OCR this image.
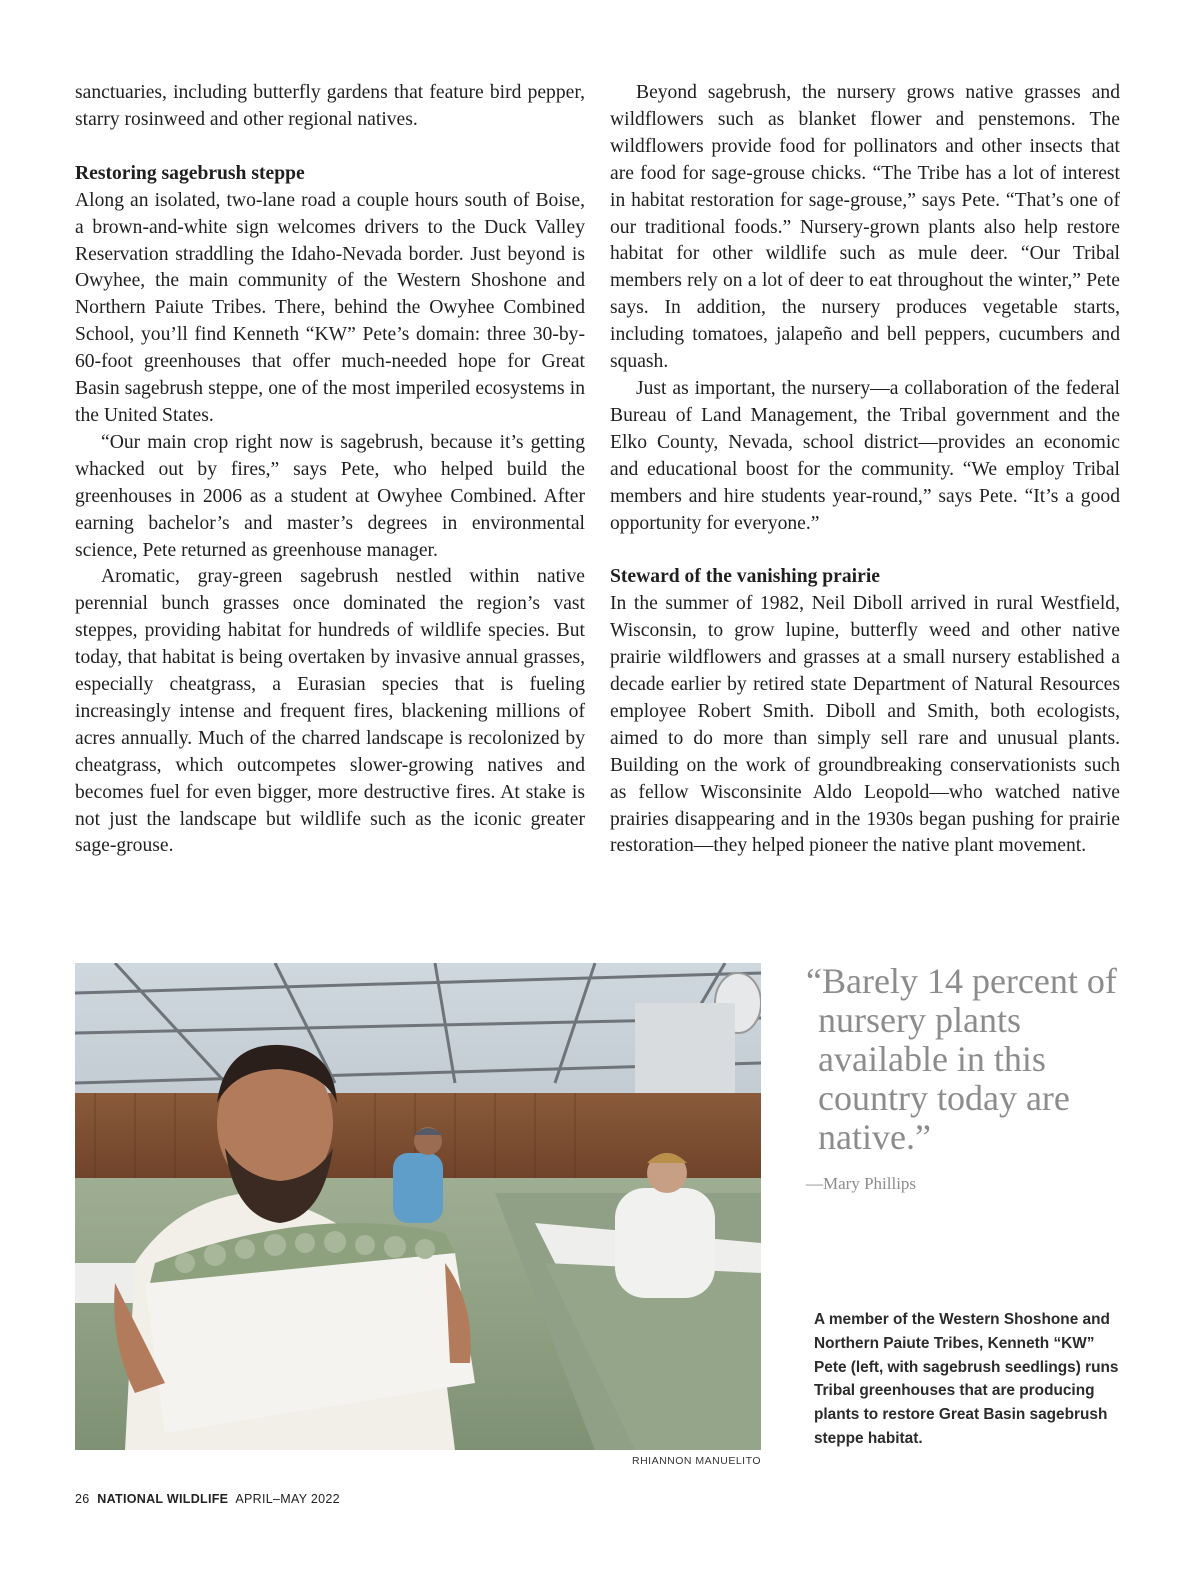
sanctuaries, including butterfly gardens that feature bird pepper, starry rosinweed and other regional natives.

Restoring sagebrush steppe

Along an isolated, two-lane road a couple hours south of Boise, a brown-and-white sign welcomes drivers to the Duck Valley Reservation straddling the Idaho-Nevada border. Just beyond is Owyhee, the main community of the Western Shoshone and Northern Paiute Tribes. There, behind the Owyhee Combined School, you’ll find Kenneth “KW” Pete’s domain: three 30-by-60-foot greenhouses that offer much-needed hope for Great Basin sagebrush steppe, one of the most imperiled ecosystems in the United States.

“Our main crop right now is sagebrush, because it’s getting whacked out by fires,” says Pete, who helped build the greenhouses in 2006 as a student at Owyhee Combined. After earning bachelor’s and master’s degrees in environmental science, Pete returned as greenhouse manager.

Aromatic, gray-green sagebrush nestled within native perennial bunch grasses once dominated the region’s vast steppes, providing habitat for hundreds of wildlife species. But today, that habitat is being overtaken by invasive annual grasses, especially cheatgrass, a Eurasian species that is fueling increasingly intense and frequent fires, blackening millions of acres annually. Much of the charred landscape is recolonized by cheatgrass, which outcompetes slower-growing natives and becomes fuel for even bigger, more destructive fires. At stake is not just the landscape but wildlife such as the iconic greater sage-grouse.

Beyond sagebrush, the nursery grows native grasses and wildflowers such as blanket flower and penstemons. The wildflowers provide food for pollinators and other insects that are food for sage-grouse chicks. “The Tribe has a lot of interest in habitat restoration for sage-grouse,” says Pete. “That’s one of our traditional foods.” Nursery-grown plants also help restore habitat for other wildlife such as mule deer. “Our Tribal members rely on a lot of deer to eat throughout the winter,” Pete says. In addition, the nursery produces vegetable starts, including tomatoes, jalapeño and bell peppers, cucumbers and squash.

Just as important, the nursery—a collaboration of the federal Bureau of Land Management, the Tribal government and the Elko County, Nevada, school district—provides an economic and educational boost for the community. “We employ Tribal members and hire students year-round,” says Pete. “It’s a good opportunity for everyone.”

Steward of the vanishing prairie

In the summer of 1982, Neil Diboll arrived in rural Westfield, Wisconsin, to grow lupine, butterfly weed and other native prairie wildflowers and grasses at a small nursery established a decade earlier by retired state Department of Natural Resources employee Robert Smith. Diboll and Smith, both ecologists, aimed to do more than simply sell rare and unusual plants. Building on the work of groundbreaking conservationists such as fellow Wisconsinite Aldo Leopold—who watched native prairies disappearing and in the 1930s began pushing for prairie restoration—they helped pioneer the native plant movement.

RHIANNON MANUELITO

“Barely 14 percent of nursery plants available in this country today are native.”

—Mary Phillips
A member of the Western Shoshone and Northern Paiute Tribes, Kenneth “KW” Pete (left, with sagebrush seedlings) runs Tribal greenhouses that are producing plants to restore Great Basin sagebrush steppe habitat.
26 NATIONAL WILDLIFE APRIL–MAY 2022
